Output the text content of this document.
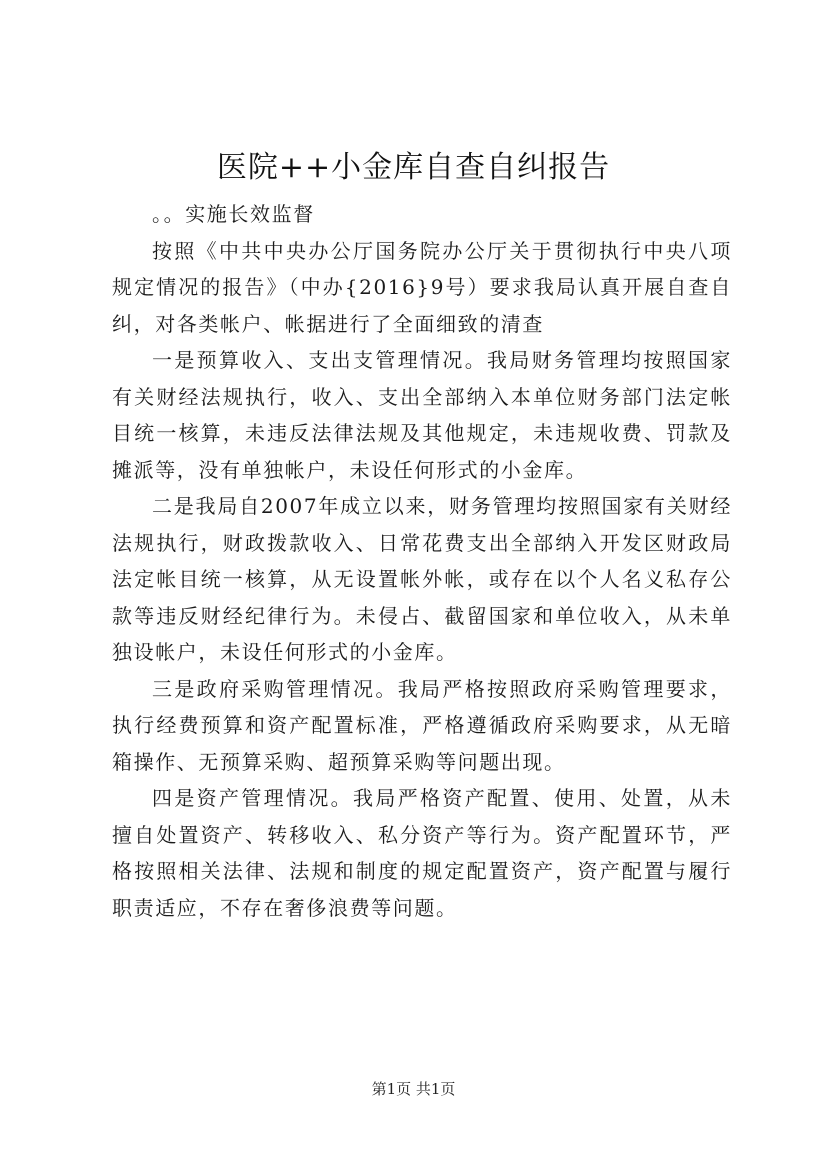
医院++小金库自查自纠报告

。。实施长效监督

按照《中共中央办公厅国务院办公厅关于贯彻执行中央八项规定情况的报告》（中办{2016}9号）要求我局认真开展自查自纠，对各类帐户、帐据进行了全面细致的清查

一是预算收入、支出支管理情况。我局财务管理均按照国家有关财经法规执行，收入、支出全部纳入本单位财务部门法定帐目统一核算，未违反法律法规及其他规定，未违规收费、罚款及摊派等，没有单独帐户，未设任何形式的小金库。

二是我局自2007年成立以来，财务管理均按照国家有关财经法规执行，财政拨款收入、日常花费支出全部纳入开发区财政局法定帐目统一核算，从无设置帐外帐，或存在以个人名义私存公款等违反财经纪律行为。未侵占、截留国家和单位收入，从未单独设帐户，未设任何形式的小金库。

三是政府采购管理情况。我局严格按照政府采购管理要求，执行经费预算和资产配置标准，严格遵循政府采购要求，从无暗箱操作、无预算采购、超预算采购等问题出现。

四是资产管理情况。我局严格资产配置、使用、处置，从未擅自处置资产、转移收入、私分资产等行为。资产配置环节，严格按照相关法律、法规和制度的规定配置资产，资产配置与履行职责适应，不存在奢侈浪费等问题。

第1页 共1页
